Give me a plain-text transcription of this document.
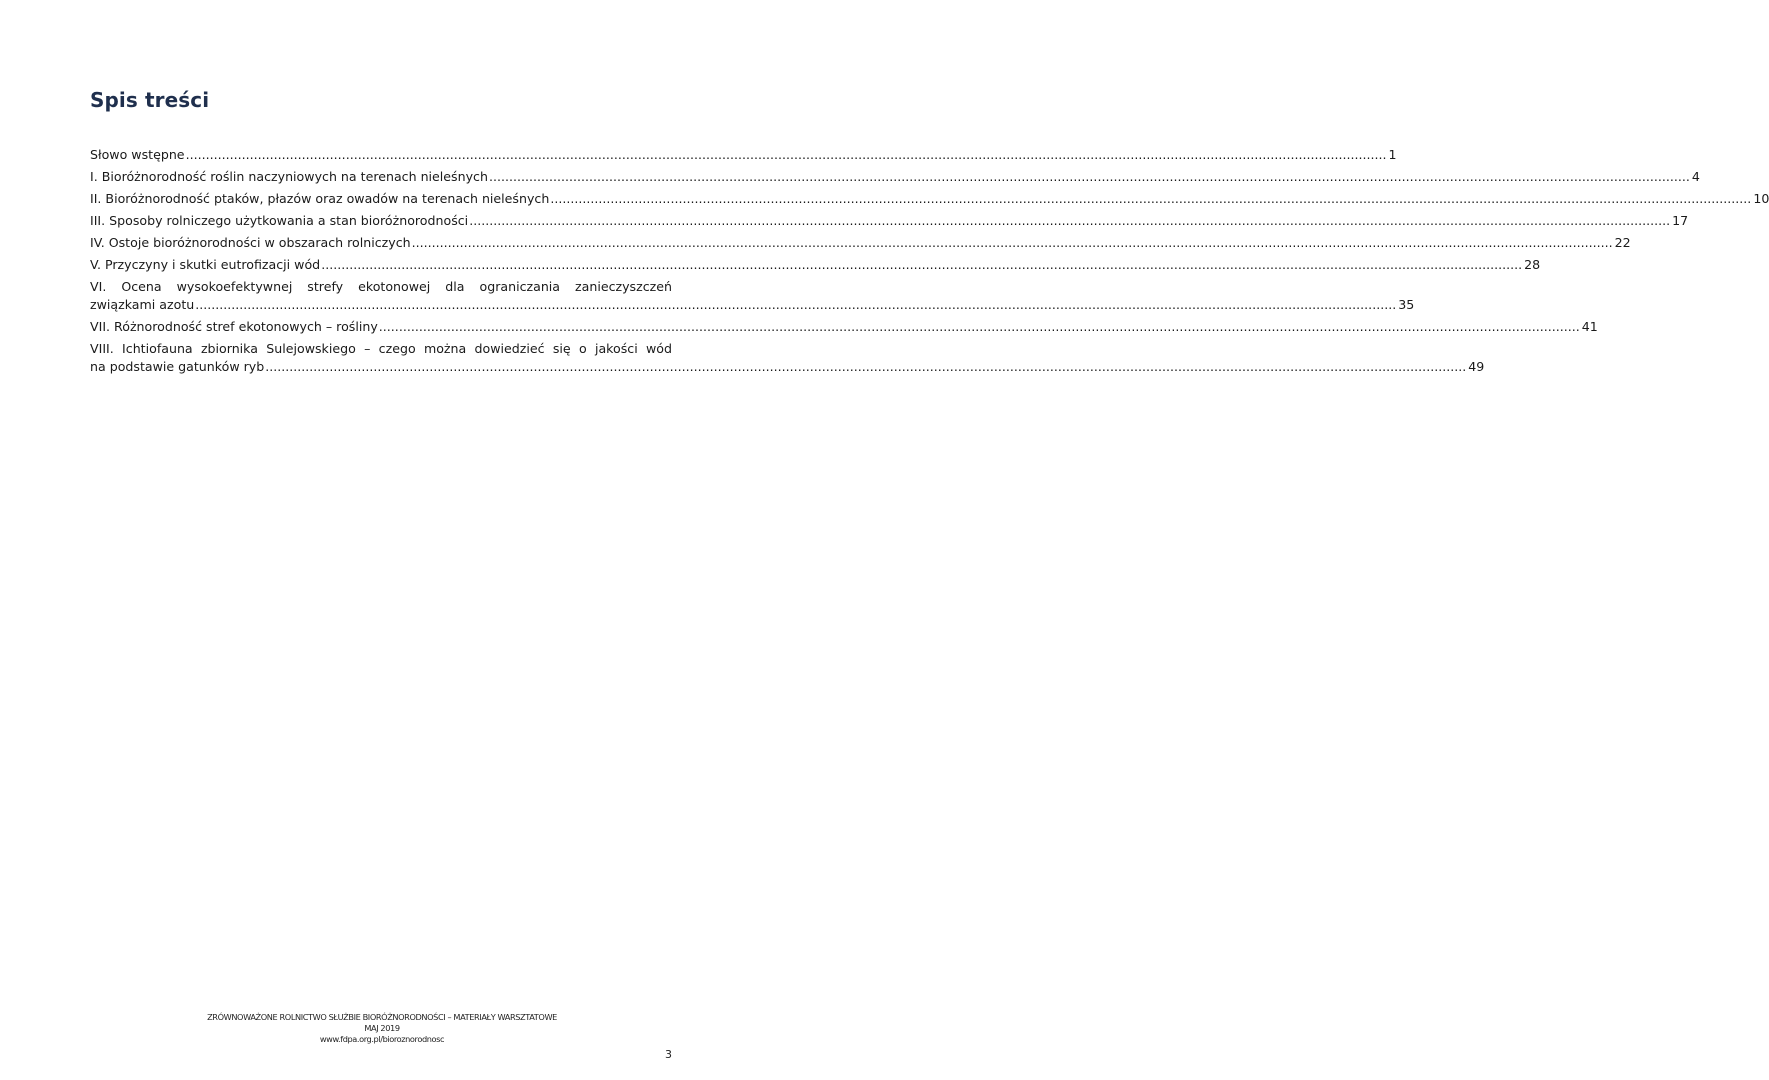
Spis treści
Słowo wstępne ............................................................................................................................................................................................................................................................................................................ 1
I. Bioróżnorodność roślin naczyniowych na terenach nieleśnych ............................................................................................................................................................................................................................................................................................................ 4
II. Bioróżnorodność ptaków, płazów oraz owadów na terenach nieleśnych ............................................................................................................................................................................................................................................................................................................ 10
III. Sposoby rolniczego użytkowania a stan bioróżnorodności ............................................................................................................................................................................................................................................................................................................ 17
IV. Ostoje bioróżnorodności w obszarach rolniczych ............................................................................................................................................................................................................................................................................................................ 22
V. Przyczyny i skutki eutrofizacji wód ............................................................................................................................................................................................................................................................................................................ 28
VI. Ocena wysokoefektywnej strefy ekotonowej dla ograniczania zanieczyszczeń
związkami azotu ............................................................................................................................................................................................................................................................................................................ 35
VII. Różnorodność stref ekotonowych – rośliny ............................................................................................................................................................................................................................................................................................................ 41
VIII. Ichtiofauna zbiornika Sulejowskiego – czego można dowiedzieć się o jakości wód
na podstawie gatunków ryb ............................................................................................................................................................................................................................................................................................................ 49
ZRÓWNOWAŻONE ROLNICTWO SŁUŻBIE BIORÓŻNORODNOŚCI – MATERIAŁY WARSZTATOWE
MAJ 2019
www.fdpa.org.pl/bioroznorodnosc
3
